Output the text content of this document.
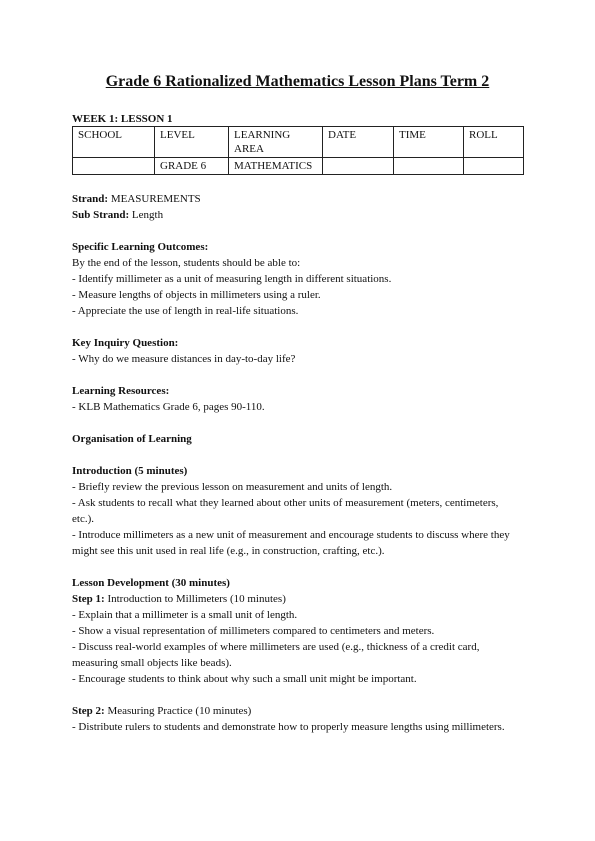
Grade 6 Rationalized Mathematics Lesson Plans Term 2

WEEK 1: LESSON 1

SCHOOL	LEVEL	LEARNING AREA	DATE	TIME	ROLL
	GRADE 6	MATHEMATICS			

Strand: MEASUREMENTS

Sub Strand: Length

Specific Learning Outcomes:

By the end of the lesson, students should be able to:

- Identify millimeter as a unit of measuring length in different situations.

- Measure lengths of objects in millimeters using a ruler.

- Appreciate the use of length in real-life situations.

Key Inquiry Question:

- Why do we measure distances in day-to-day life?

Learning Resources:

- KLB Mathematics Grade 6, pages 90-110.

Organisation of Learning

Introduction (5 minutes)

- Briefly review the previous lesson on measurement and units of length.

- Ask students to recall what they learned about other units of measurement (meters, centimeters, etc.).

- Introduce millimeters as a new unit of measurement and encourage students to discuss where they might see this unit used in real life (e.g., in construction, crafting, etc.).

Lesson Development (30 minutes)

Step 1: Introduction to Millimeters (10 minutes)

- Explain that a millimeter is a small unit of length.

- Show a visual representation of millimeters compared to centimeters and meters.

- Discuss real-world examples of where millimeters are used (e.g., thickness of a credit card, measuring small objects like beads).

- Encourage students to think about why such a small unit might be important.

Step 2: Measuring Practice (10 minutes)

- Distribute rulers to students and demonstrate how to properly measure lengths using millimeters.
